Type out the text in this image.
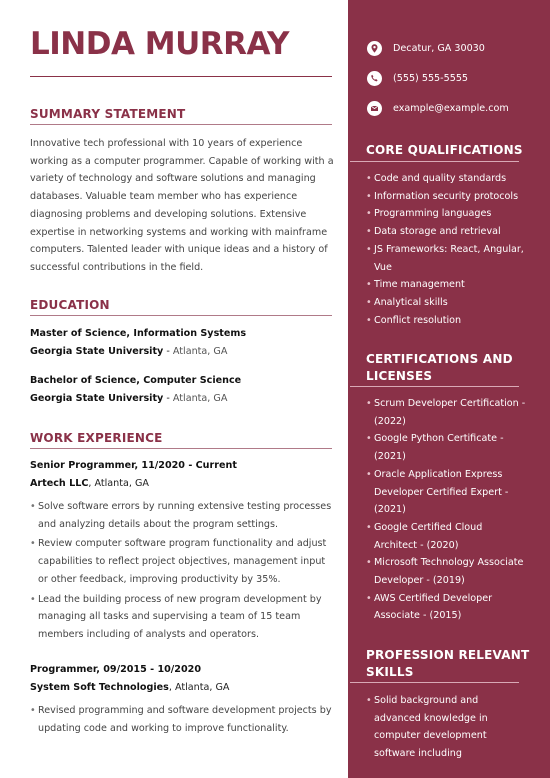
LINDA MURRAY
SUMMARY STATEMENT
Innovative tech professional with 10 years of experience working as a computer programmer. Capable of working with a variety of technology and software solutions and managing databases. Valuable team member who has experience diagnosing problems and developing solutions. Extensive expertise in networking systems and working with mainframe computers. Talented leader with unique ideas and a history of successful contributions in the field.
EDUCATION
Master of Science, Information Systems
Georgia State University - Atlanta, GA
Bachelor of Science, Computer Science
Georgia State University - Atlanta, GA
WORK EXPERIENCE
Senior Programmer, 11/2020 - Current
Artech LLC, Atlanta, GA
• Solve software errors by running extensive testing processes and analyzing details about the program settings.
• Review computer software program functionality and adjust capabilities to reflect project objectives, management input or other feedback, improving productivity by 35%.
• Lead the building process of new program development by managing all tasks and supervising a team of 15 team members including of analysts and operators.
Programmer, 09/2015 - 10/2020
System Soft Technologies, Atlanta, GA
• Revised programming and software development projects by updating code and working to improve functionality.
Decatur, GA 30030
(555) 555-5555
example@example.com
CORE QUALIFICATIONS
• Code and quality standards
• Information security protocols
• Programming languages
• Data storage and retrieval
• JS Frameworks: React, Angular, Vue
• Time management
• Analytical skills
• Conflict resolution
CERTIFICATIONS AND LICENSES
• Scrum Developer Certification - (2022)
• Google Python Certificate - (2021)
• Oracle Application Express Developer Certified Expert - (2021)
• Google Certified Cloud Architect - (2020)
• Microsoft Technology Associate Developer - (2019)
• AWS Certified Developer Associate - (2015)
PROFESSION RELEVANT SKILLS
• Solid background and advanced knowledge in computer development software including
